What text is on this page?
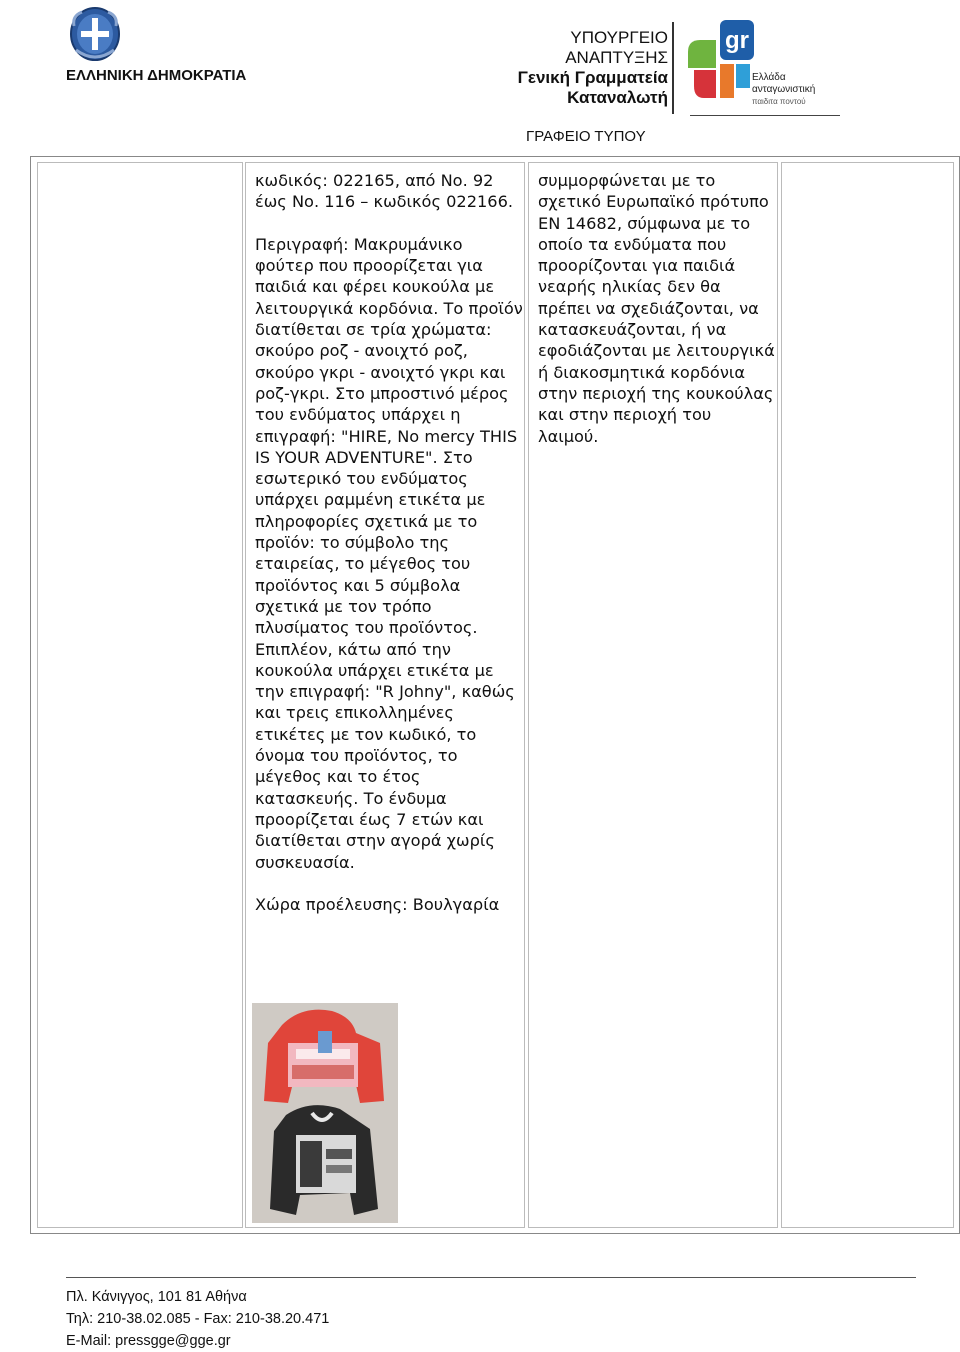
ΕΛΛΗΝΙΚΗ ΔΗΜΟΚΡΑΤΙΑ
ΥΠΟΥΡΓΕΙΟ
ΑΝΑΠΤΥΞΗΣ
Γενική Γραμματεία
Καταναλωτή
ΓΡΑΦΕΙΟ ΤΥΠΟΥ
gr
Ελλάδα
ανταγωνιστική
παιδιτα ποντού

κωδικός: 022165, από Νο. 92 έως Νο. 116 – κωδικός 022166.

Περιγραφή: Μακρυμάνικο φούτερ που προορίζεται για παιδιά και φέρει κουκούλα με λειτουργικά κορδόνια. Το προϊόν διατίθεται σε τρία χρώματα: σκούρο ροζ - ανοιχτό ροζ, σκούρο γκρι - ανοιχτό γκρι και ροζ-γκρι. Στο μπροστινό μέρος του ενδύματος υπάρχει η επιγραφή: "HIRE, No mercy THIS IS YOUR ADVENTURE". Στο εσωτερικό του ενδύματος υπάρχει ραμμένη ετικέτα με πληροφορίες σχετικά με το προϊόν: το σύμβολο της εταιρείας, το μέγεθος του προϊόντος και 5 σύμβολα σχετικά με τον τρόπο πλυσίματος του προϊόντος. Επιπλέον, κάτω από την κουκούλα υπάρχει ετικέτα με την επιγραφή: "R Johny", καθώς και τρεις επικολλημένες ετικέτες με τον κωδικό, το όνομα του προϊόντος, το μέγεθος και το έτος κατασκευής. Το ένδυμα προορίζεται έως 7 ετών και διατίθεται στην αγορά χωρίς συσκευασία.

Χώρα προέλευσης: Βουλγαρία

συμμορφώνεται με το σχετικό Ευρωπαϊκό πρότυπο ΕΝ 14682, σύμφωνα με το οποίο τα ενδύματα που προορίζονται για παιδιά νεαρής ηλικίας δεν θα πρέπει να σχεδιάζονται, να κατασκευάζονται, ή να εφοδιάζονται με λειτουργικά ή διακοσμητικά κορδόνια στην περιοχή της κουκούλας και στην περιοχή του λαιμού.

Πλ. Κάνιγγος, 101 81 Αθήνα
Τηλ: 210-38.02.085 - Fax: 210-38.20.471
E-Mail: pressgge@gge.gr
